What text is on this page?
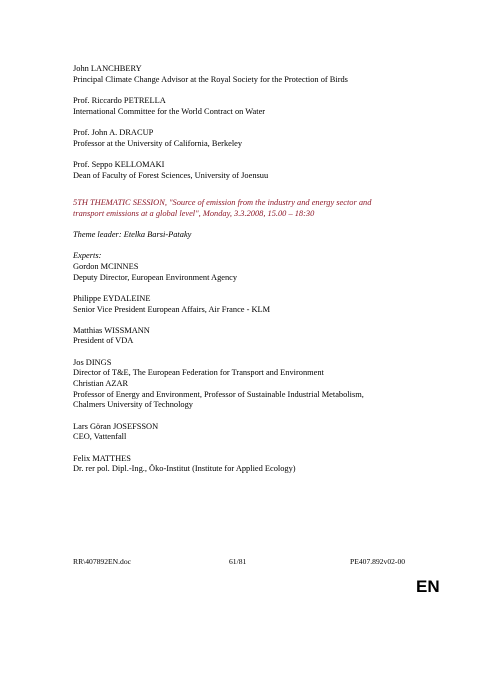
John LANCHBERY
Principal Climate Change Advisor at the Royal Society for the Protection of Birds
Prof. Riccardo PETRELLA
International Committee for the World Contract on Water
Prof. John A. DRACUP
Professor at the University of California, Berkeley
Prof. Seppo KELLOMAKI
Dean of Faculty of Forest Sciences, University of Joensuu
5TH THEMATIC SESSION, "Source of emission from the industry and energy sector and
transport emissions at a global level", Monday, 3.3.2008, 15.00 – 18:30
Theme leader: Etelka Barsi-Pataky
Experts:
Gordon MCINNES
Deputy Director, European Environment Agency
Philippe EYDALEINE
Senior Vice President European Affairs, Air France - KLM
Matthias WISSMANN
President of VDA
Jos DINGS
Director of T&E, The European Federation for Transport and Environment
Christian AZAR
Professor of Energy and Environment, Professor of Sustainable Industrial Metabolism,
Chalmers University of Technology
Lars Göran JOSEFSSON
CEO, Vattenfall
Felix MATTHES
Dr. rer pol. Dipl.-Ing., Öko-Institut (Institute for Applied Ecology)
RR\407892EN.doc	61/81	PE407.892v02-00
EN
